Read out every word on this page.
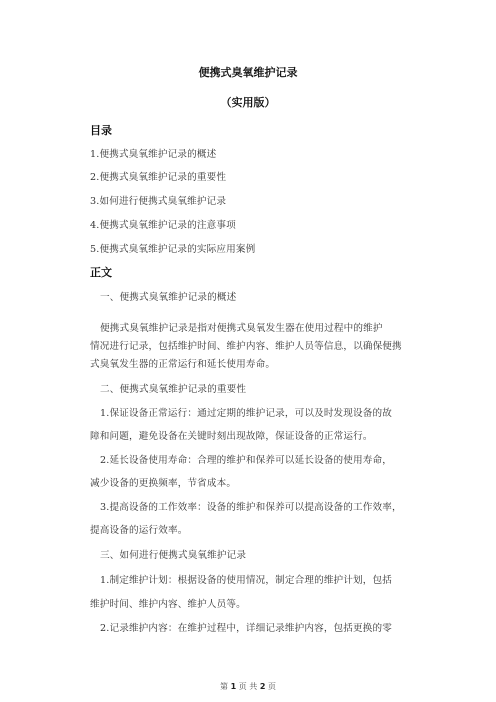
便携式臭氧维护记录
（实用版）
目录
1.便携式臭氧维护记录的概述
2.便携式臭氧维护记录的重要性
3.如何进行便携式臭氧维护记录
4.便携式臭氧维护记录的注意事项
5.便携式臭氧维护记录的实际应用案例
正文
一、便携式臭氧维护记录的概述
便携式臭氧维护记录是指对便携式臭氧发生器在使用过程中的维护
情况进行记录，包括维护时间、维护内容、维护人员等信息，以确保便携
式臭氧发生器的正常运行和延长使用寿命。
二、便携式臭氧维护记录的重要性
1.保证设备正常运行：通过定期的维护记录，可以及时发现设备的故
障和问题，避免设备在关键时刻出现故障，保证设备的正常运行。
2.延长设备使用寿命：合理的维护和保养可以延长设备的使用寿命，
减少设备的更换频率，节省成本。
3.提高设备的工作效率：设备的维护和保养可以提高设备的工作效率，
提高设备的运行效率。
三、如何进行便携式臭氧维护记录
1.制定维护计划：根据设备的使用情况，制定合理的维护计划，包括
维护时间、维护内容、维护人员等。
2.记录维护内容：在维护过程中，详细记录维护内容，包括更换的零
第 1 页 共 2 页
